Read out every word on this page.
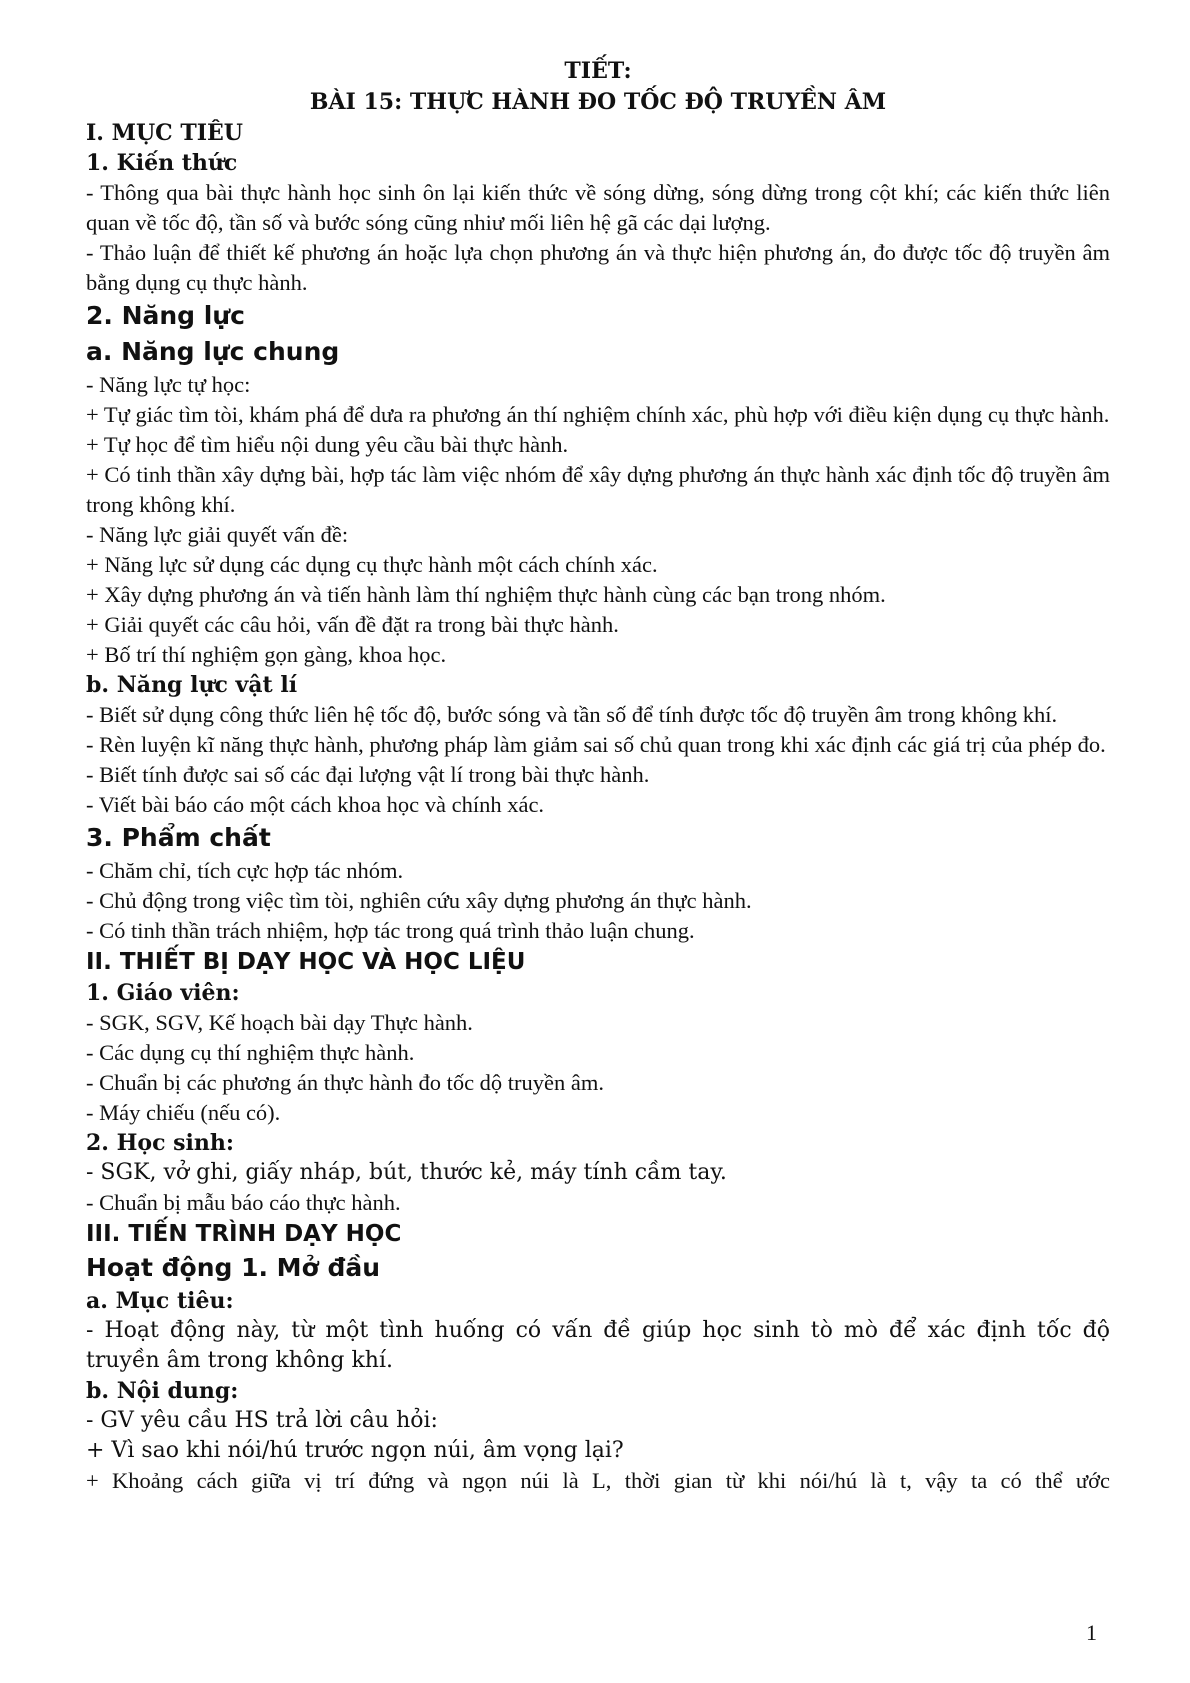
TIẾT:
BÀI 15: THỰC HÀNH ĐO TỐC ĐỘ TRUYỀN ÂM
I. MỤC TIÊU
1. Kiến thức
- Thông qua bài thực hành học sinh ôn lại kiến thức về sóng dừng, sóng dừng trong cột khí; các kiến thức liên quan về tốc độ, tần số và bước sóng cũng nhiư mối liên hệ gã các dại lượng.
- Thảo luận để thiết kế phương án hoặc lựa chọn phương án và thực hiện phương án, đo được tốc độ truyền âm bằng dụng cụ thực hành.
2. Năng lực
a. Năng lực chung
- Năng lực tự học:
+ Tự giác tìm tòi, khám phá để dưa ra phương án thí nghiệm chính xác, phù hợp với điều kiện dụng cụ thực hành.
+ Tự học để tìm hiểu nội dung yêu cầu bài thực hành.
+ Có tinh thần xây dựng bài, hợp tác làm việc nhóm để xây dựng phương án thực hành xác định tốc độ truyền âm trong không khí.
- Năng lực giải quyết vấn đề:
+ Năng lực sử dụng các dụng cụ thực hành một cách chính xác.
+ Xây dựng phương án và tiến hành làm thí nghiệm thực hành cùng các bạn trong nhóm.
+ Giải quyết các câu hỏi, vấn đề đặt ra trong bài thực hành.
+ Bố trí thí nghiệm gọn gàng, khoa học.
b. Năng lực vật lí
- Biết sử dụng công thức liên hệ tốc độ, bước sóng và tần số để tính được tốc độ truyền âm trong không khí.
- Rèn luyện kĩ năng thực hành, phương pháp làm giảm sai số chủ quan trong khi xác định các giá trị của phép đo.
- Biết tính được sai số các đại lượng vật lí trong bài thực hành.
- Viết bài báo cáo một cách khoa học và chính xác.
3. Phẩm chất
- Chăm chỉ, tích cực hợp tác nhóm.
- Chủ động trong việc tìm tòi, nghiên cứu xây dựng phương án thực hành.
- Có tinh thần trách nhiệm, hợp tác trong quá trình thảo luận chung.
II. THIẾT BỊ DẠY HỌC VÀ HỌC LIỆU
1. Giáo viên:
- SGK, SGV, Kế hoạch bài dạy Thực hành.
- Các dụng cụ thí nghiệm thực hành.
- Chuẩn bị các phương án thực hành đo tốc dộ truyền âm.
- Máy chiếu (nếu có).
2. Học sinh:
- SGK, vở ghi, giấy nháp, bút, thước kẻ, máy tính cầm tay.
- Chuẩn bị mẫu báo cáo thực hành.
III. TIẾN TRÌNH DẠY HỌC
Hoạt động 1. Mở đầu
a. Mục tiêu:
- Hoạt động này, từ một tình huống có vấn đề giúp học sinh tò mò để xác định tốc độ truyền âm trong không khí.
b. Nội dung:
- GV yêu cầu HS trả lời câu hỏi:
+ Vì sao khi nói/hú trước ngọn núi, âm vọng lại?
+ Khoảng cách giữa vị trí đứng và ngọn núi là L, thời gian từ khi nói/hú là t, vậy ta có thể ước
1
